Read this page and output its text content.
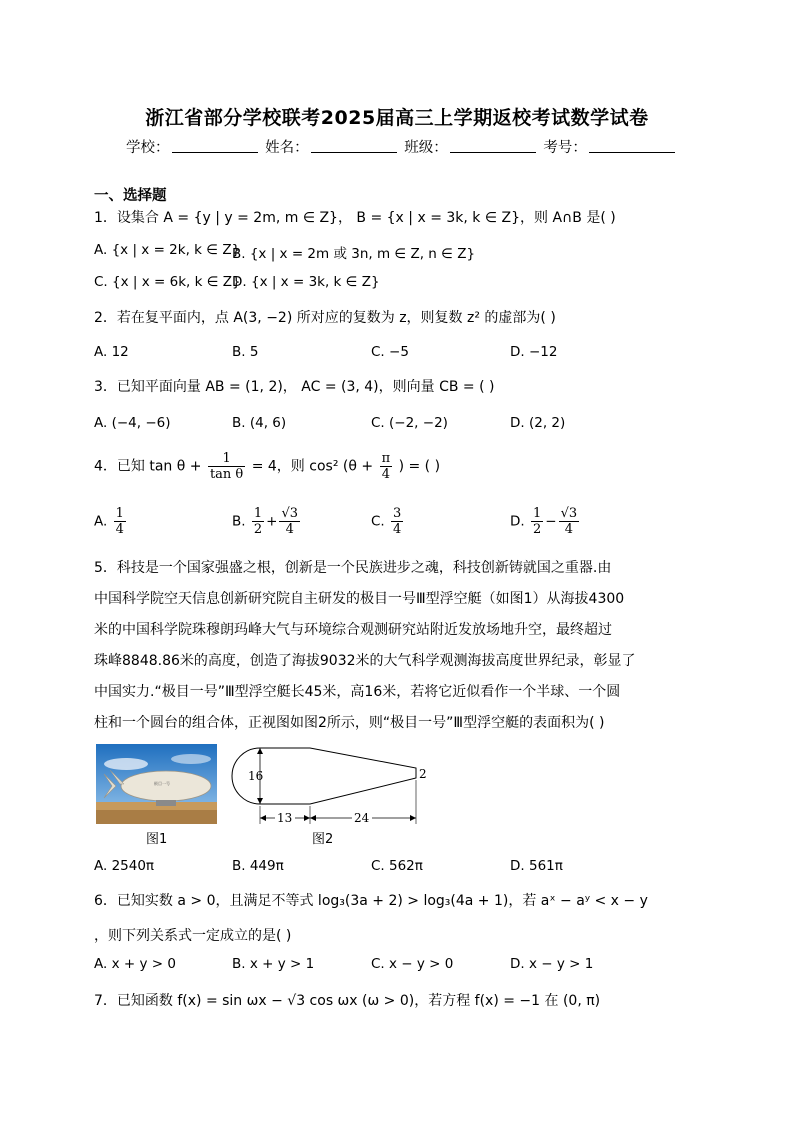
浙江省部分学校联考2025届高三上学期返校考试数学试卷
学校：	姓名：	班级：	考号：
一、选择题
1．设集合 A = {y | y = 2m, m ∈ Z}， B = {x | x = 3k, k ∈ Z}，则 A∩B 是( )
A. {x | x = 2k, k ∈ Z}
B. {x | x = 2m 或 3n, m ∈ Z, n ∈ Z}
C. {x | x = 6k, k ∈ Z}
D. {x | x = 3k, k ∈ Z}
2．若在复平面内，点 A(3, −2) 所对应的复数为 z，则复数 z² 的虚部为( )
A. 12	B. 5	C. −5	D. −12
3．已知平面向量 AB = (1, 2)， AC = (3, 4)，则向量 CB = ( )
A. (−4, −6)	B. (4, 6)	C. (−2, −2)	D. (2, 2)
4．已知 $\tan \theta + \frac{1}{\text{tan θ}} = 4$，则 cos² ($\theta + \frac{\pi}{4}$ ) = ( )
A. $\frac{1}{4}$	B. $\frac{1}{2} + \frac{√3}{4}$	C. $\frac{3}{4}$	D. $\frac{1}{2} - \frac{√3}{4}$
5．科技是一个国家强盛之根，创新是一个民族进步之魂，科技创新铸就国之重器.由
中国科学院空天信息创新研究院自主研发的极目一号Ⅲ型浮空艇（如图1）从海拔4300
米的中国科学院珠穆朗玛峰大气与环境综合观测研究站附近发放场地升空，最终超过
珠峰8848.86米的高度，创造了海拔9032米的大气科学观测海拔高度世界纪录，彰显了
中国实力.“极目一号”Ⅲ型浮空艇长45米，高16米，若将它近似看作一个半球、一个圆
柱和一个圆台的组合体，正视图如图2所示，则“极目一号”Ⅲ型浮空艇的表面积为( )
极目一号
图1
16	2
13	24
图2
A. 2540π	B. 449π	C. 562π	D. 561π
6．已知实数 a > 0，且满足不等式 log₃(3a + 2) > log₃(4a + 1)，若 aˣ − aʸ < x − y
，则下列关系式一定成立的是( )
A. x + y > 0	B. x + y > 1	C. x − y > 0	D. x − y > 1
7．已知函数 f(x) = sin ωx − √3 cos ωx (ω > 0)，若方程 f(x) = −1 在 (0, π)
